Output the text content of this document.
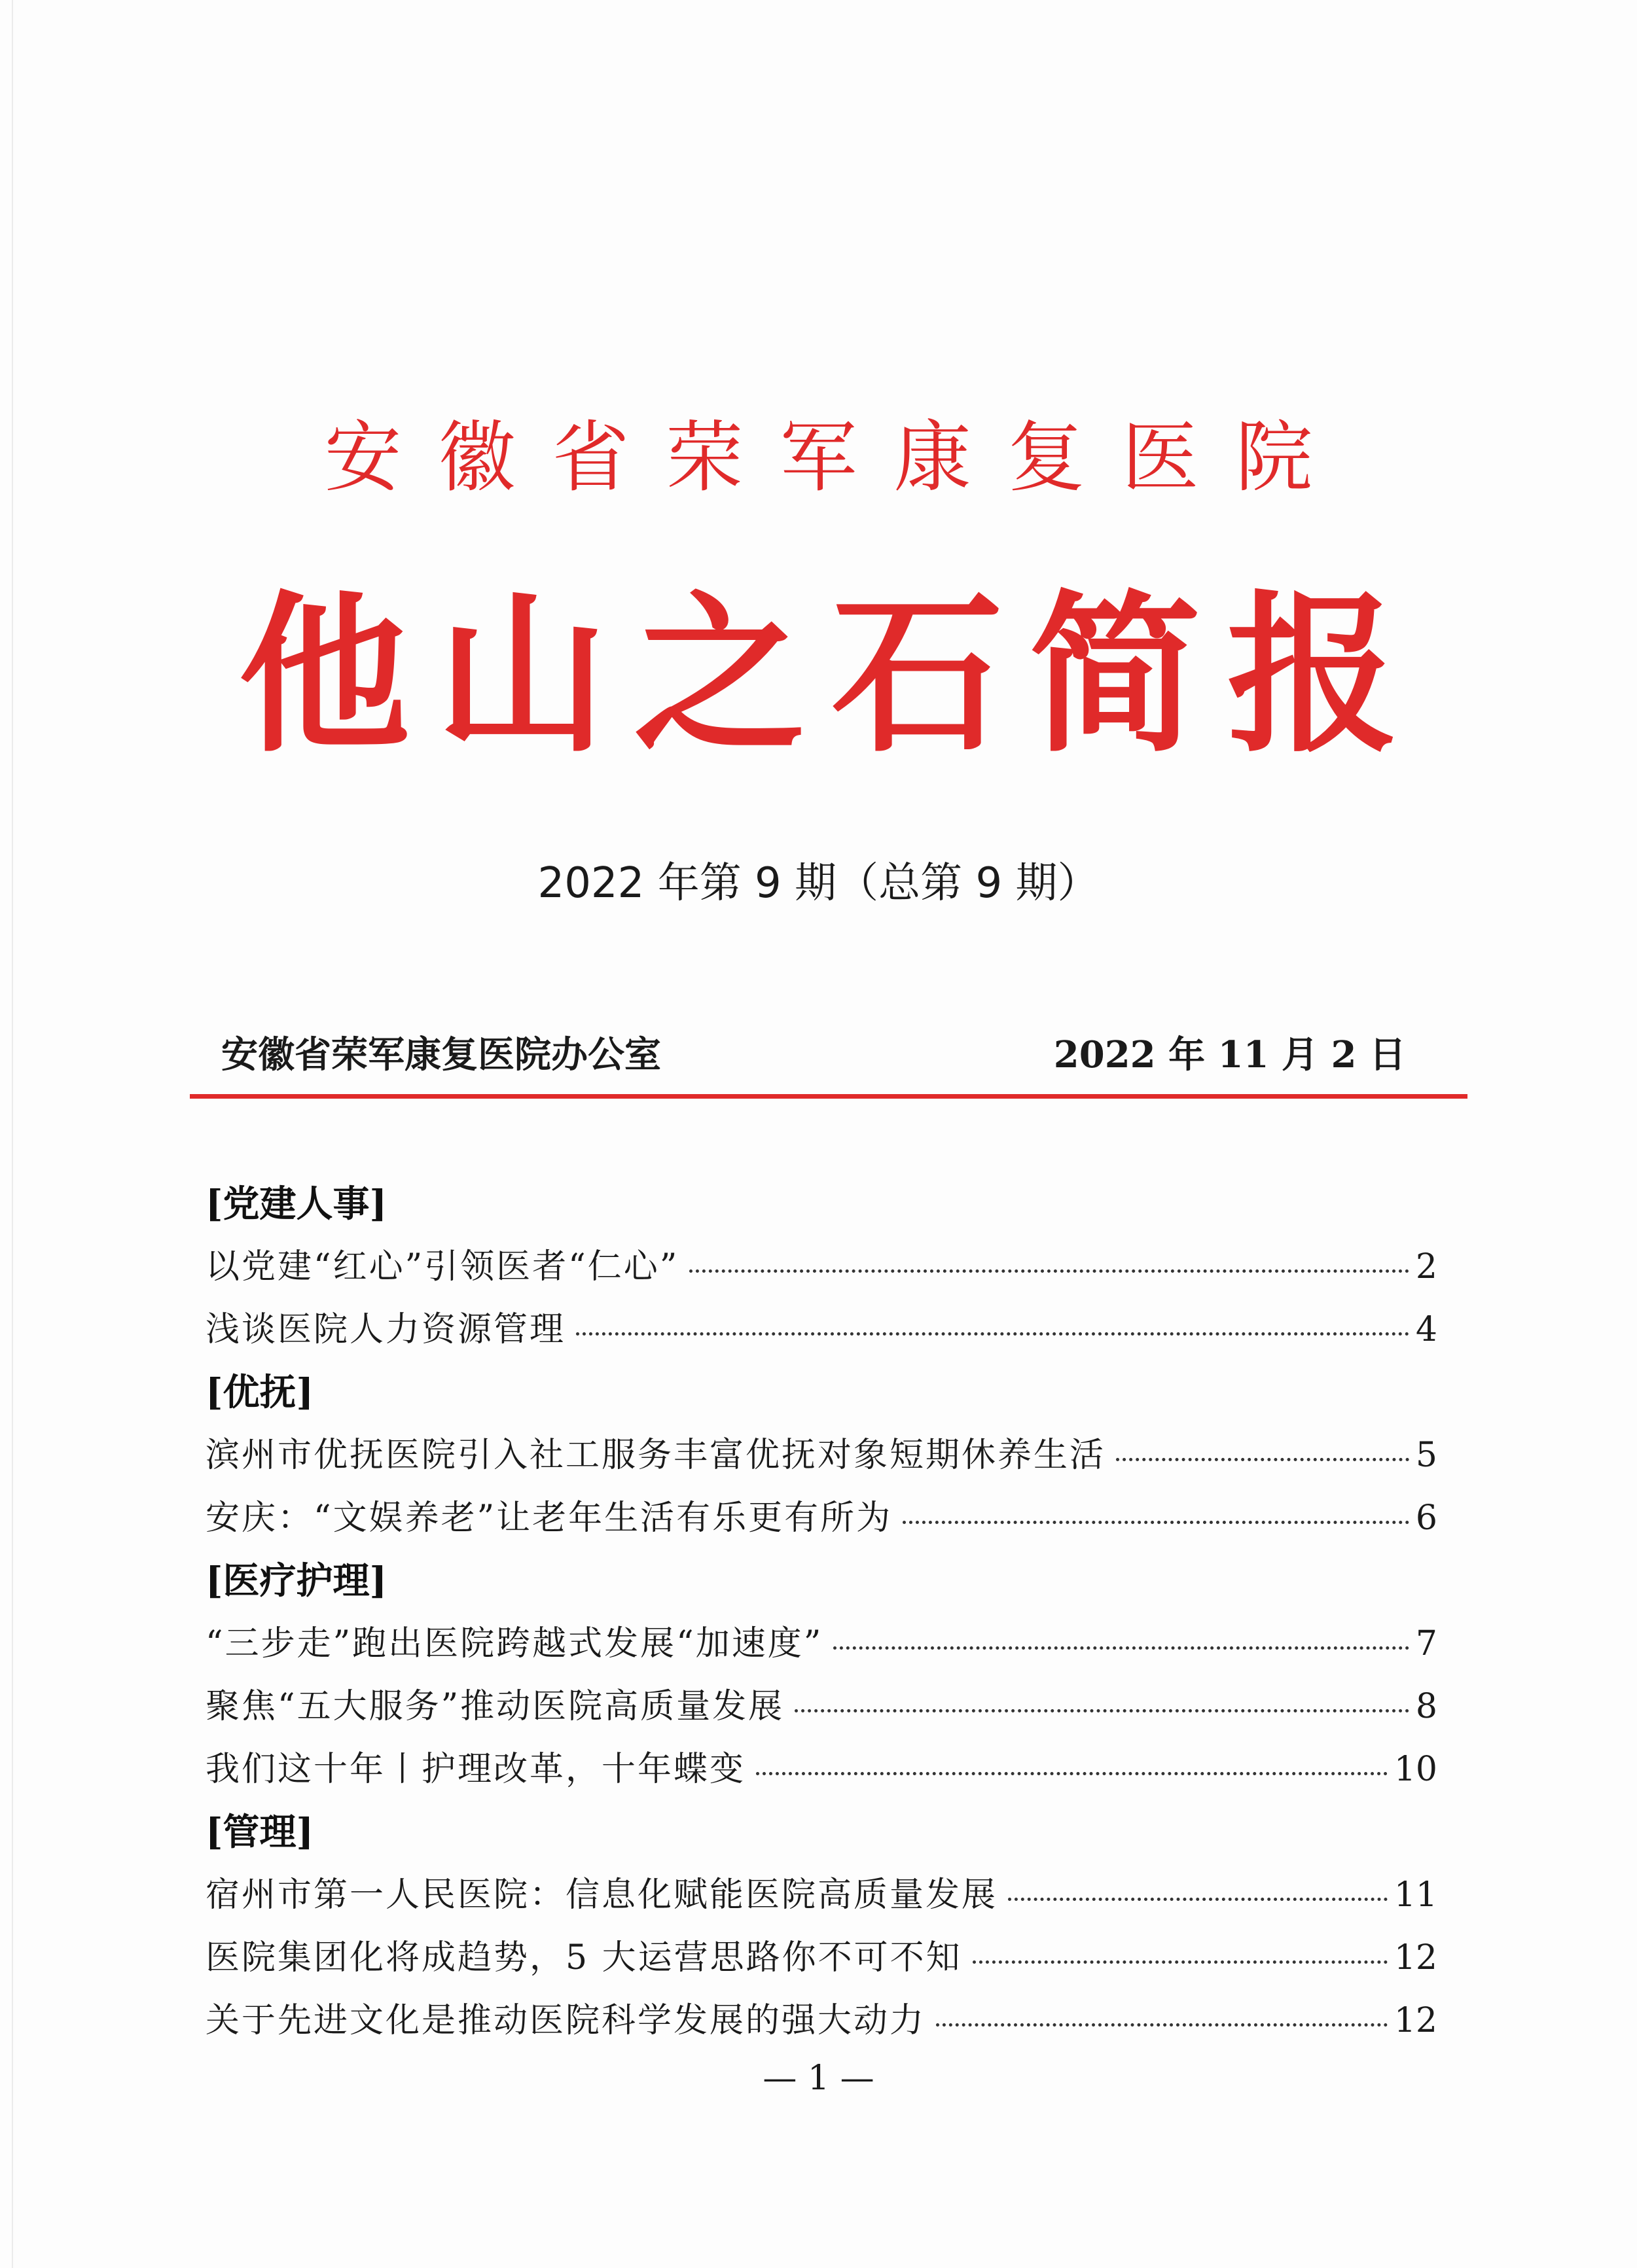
安徽省荣军康复医院
他山之石简报
2022 年第 9 期（总第 9 期）
安徽省荣军康复医院办公室	2022 年 11 月 2 日
[党建人事]
以党建“红心”引领医者“仁心”	2
浅谈医院人力资源管理	4
[优抚]
滨州市优抚医院引入社工服务丰富优抚对象短期休养生活	5
安庆：“文娱养老”让老年生活有乐更有所为	6
[医疗护理]
“三步走”跑出医院跨越式发展“加速度”	7
聚焦“五大服务”推动医院高质量发展	8
我们这十年丨护理改革，十年蝶变	10
[管理]
宿州市第一人民医院：信息化赋能医院高质量发展	11
医院集团化将成趋势，5 大运营思路你不可不知	12
关于先进文化是推动医院科学发展的强大动力	12
— 1 —
